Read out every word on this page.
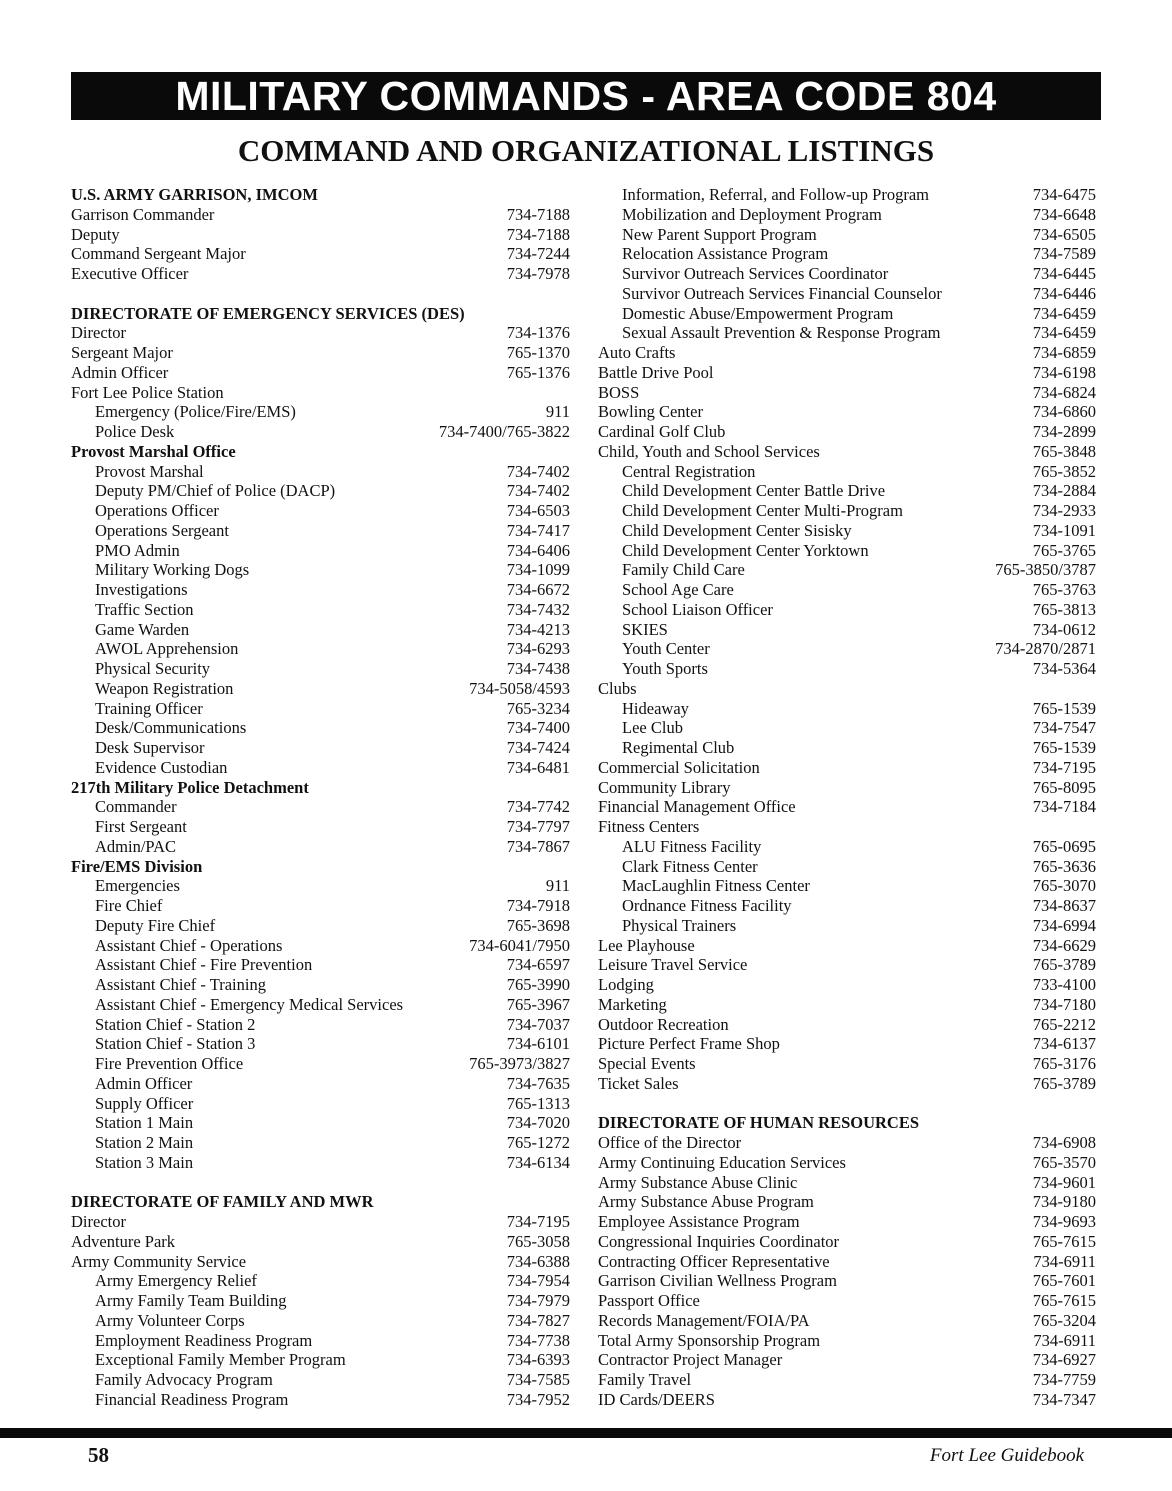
MILITARY COMMANDS - AREA CODE 804
COMMAND AND ORGANIZATIONAL LISTINGS
U.S. ARMY GARRISON, IMCOM
Garrison Commander	734-7188
Deputy	734-7188
Command Sergeant Major	734-7244
Executive Officer	734-7978
DIRECTORATE OF EMERGENCY SERVICES (DES)
Director	734-1376
Sergeant Major	765-1370
Admin Officer	765-1376
Fort Lee Police Station
Emergency (Police/Fire/EMS)	911
Police Desk	734-7400/765-3822
Provost Marshal Office
Provost Marshal	734-7402
Deputy PM/Chief of Police (DACP)	734-7402
Operations Officer	734-6503
Operations Sergeant	734-7417
PMO Admin	734-6406
Military Working Dogs	734-1099
Investigations	734-6672
Traffic Section	734-7432
Game Warden	734-4213
AWOL Apprehension	734-6293
Physical Security	734-7438
Weapon Registration	734-5058/4593
Training Officer	765-3234
Desk/Communications	734-7400
Desk Supervisor	734-7424
Evidence Custodian	734-6481
217th Military Police Detachment
Commander	734-7742
First Sergeant	734-7797
Admin/PAC	734-7867
Fire/EMS Division
Emergencies	911
Fire Chief	734-7918
Deputy Fire Chief	765-3698
Assistant Chief - Operations	734-6041/7950
Assistant Chief - Fire Prevention	734-6597
Assistant Chief - Training	765-3990
Assistant Chief - Emergency Medical Services	765-3967
Station Chief - Station 2	734-7037
Station Chief - Station 3	734-6101
Fire Prevention Office	765-3973/3827
Admin Officer	734-7635
Supply Officer	765-1313
Station 1 Main	734-7020
Station 2 Main	765-1272
Station 3 Main	734-6134
DIRECTORATE OF FAMILY AND MWR
Director	734-7195
Adventure Park	765-3058
Army Community Service	734-6388
Army Emergency Relief	734-7954
Army Family Team Building	734-7979
Army Volunteer Corps	734-7827
Employment Readiness Program	734-7738
Exceptional Family Member Program	734-6393
Family Advocacy Program	734-7585
Financial Readiness Program	734-7952
Information, Referral, and Follow-up Program	734-6475
Mobilization and Deployment Program	734-6648
New Parent Support Program	734-6505
Relocation Assistance Program	734-7589
Survivor Outreach Services Coordinator	734-6445
Survivor Outreach Services Financial Counselor	734-6446
Domestic Abuse/Empowerment Program	734-6459
Sexual Assault Prevention & Response Program	734-6459
Auto Crafts	734-6859
Battle Drive Pool	734-6198
BOSS	734-6824
Bowling Center	734-6860
Cardinal Golf Club	734-2899
Child, Youth and School Services	765-3848
Central Registration	765-3852
Child Development Center Battle Drive	734-2884
Child Development Center Multi-Program	734-2933
Child Development Center Sisisky	734-1091
Child Development Center Yorktown	765-3765
Family Child Care	765-3850/3787
School Age Care	765-3763
School Liaison Officer	765-3813
SKIES	734-0612
Youth Center	734-2870/2871
Youth Sports	734-5364
Clubs
Hideaway	765-1539
Lee Club	734-7547
Regimental Club	765-1539
Commercial Solicitation	734-7195
Community Library	765-8095
Financial Management Office	734-7184
Fitness Centers
ALU Fitness Facility	765-0695
Clark Fitness Center	765-3636
MacLaughlin Fitness Center	765-3070
Ordnance Fitness Facility	734-8637
Physical Trainers	734-6994
Lee Playhouse	734-6629
Leisure Travel Service	765-3789
Lodging	733-4100
Marketing	734-7180
Outdoor Recreation	765-2212
Picture Perfect Frame Shop	734-6137
Special Events	765-3176
Ticket Sales	765-3789
DIRECTORATE OF HUMAN RESOURCES
Office of the Director	734-6908
Army Continuing Education Services	765-3570
Army Substance Abuse Clinic	734-9601
Army Substance Abuse Program	734-9180
Employee Assistance Program	734-9693
Congressional Inquiries Coordinator	765-7615
Contracting Officer Representative	734-6911
Garrison Civilian Wellness Program	765-7601
Passport Office	765-7615
Records Management/FOIA/PA	765-3204
Total Army Sponsorship Program	734-6911
Contractor Project Manager	734-6927
Family Travel	734-7759
ID Cards/DEERS	734-7347
58	Fort Lee Guidebook
